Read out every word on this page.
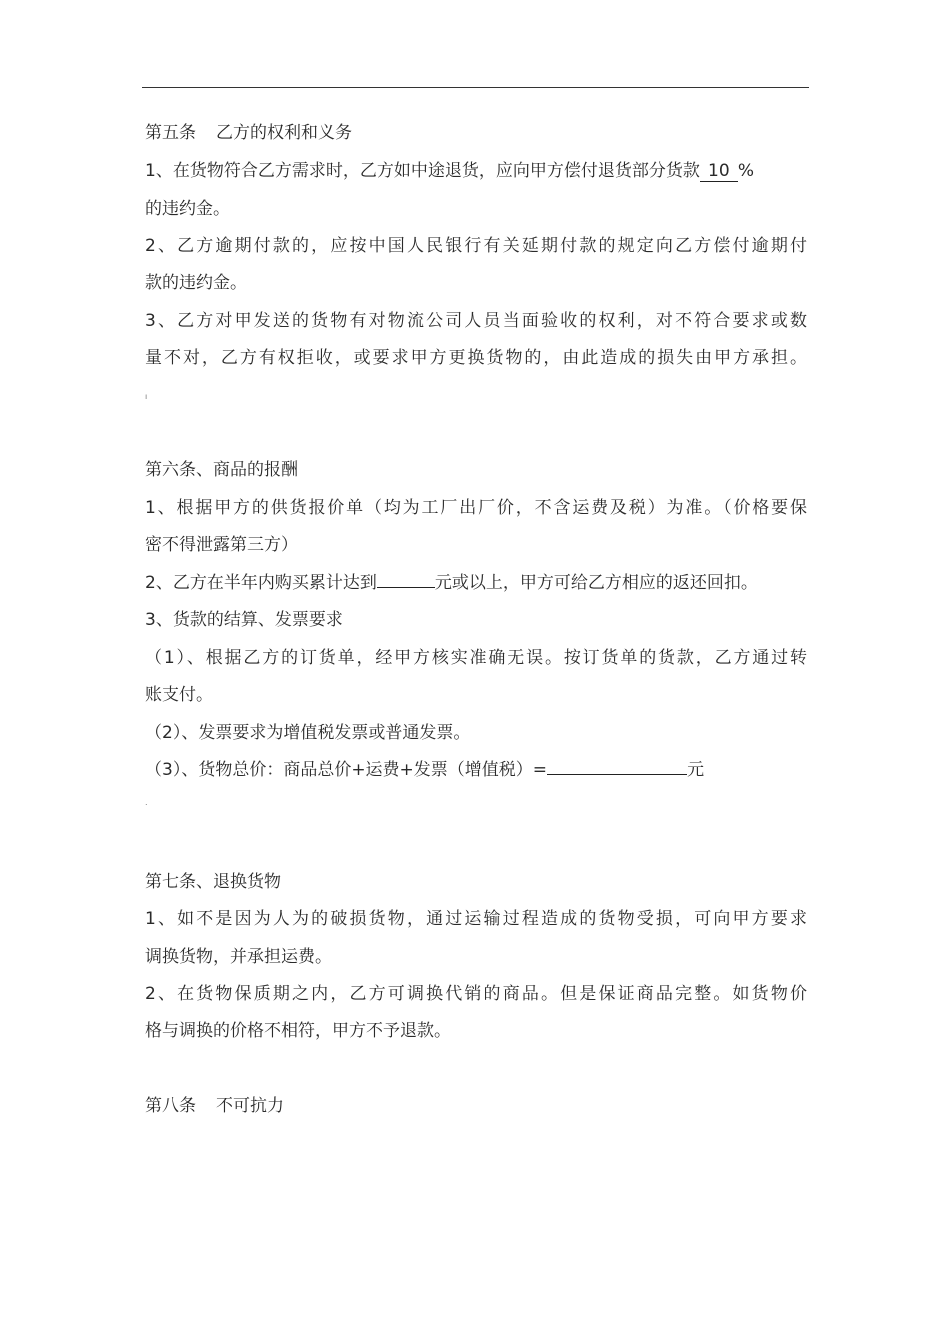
第五条 乙方的权利和义务
1、在货物符合乙方需求时，乙方如中途退货，应向甲方偿付退货部分货款 10 %
的违约金。
2、乙方逾期付款的，应按中国人民银行有关延期付款的规定向乙方偿付逾期付
款的违约金。
3、乙方对甲发送的货物有对物流公司人员当面验收的权利，对不符合要求或数
量不对，乙方有权拒收，或要求甲方更换货物的，由此造成的损失由甲方承担。
ı
第六条、商品的报酬
1、根据甲方的供货报价单（均为工厂出厂价，不含运费及税）为准。（价格要保
密不得泄露第三方）
2、乙方在半年内购买累计达到	元或以上，甲方可给乙方相应的返还回扣。
3、货款的结算、发票要求
（1）、根据乙方的订货单，经甲方核实准确无误。按订货单的货款，乙方通过转
账支付。
（2）、发票要求为增值税发票或普通发票。
（3）、货物总价：商品总价+运费+发票（增值税）=	元
.
第七条、退换货物
1、如不是因为人为的破损货物，通过运输过程造成的货物受损，可向甲方要求
调换货物，并承担运费。
2、在货物保质期之内，乙方可调换代销的商品。但是保证商品完整。如货物价
格与调换的价格不相符，甲方不予退款。
第八条 不可抗力
